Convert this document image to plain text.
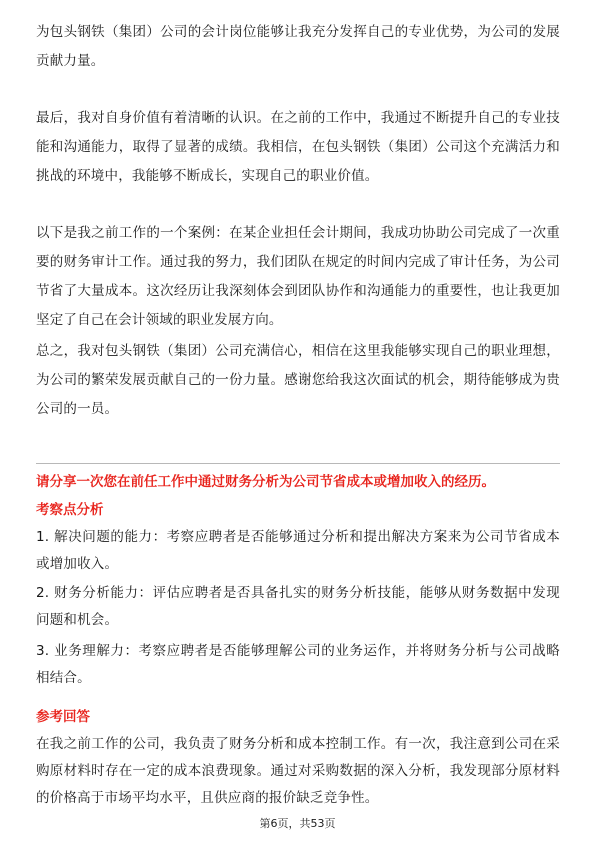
为包头钢铁（集团）公司的会计岗位能够让我充分发挥自己的专业优势，为公司的发展贡献力量。

最后，我对自身价值有着清晰的认识。在之前的工作中，我通过不断提升自己的专业技能和沟通能力，取得了显著的成绩。我相信，在包头钢铁（集团）公司这个充满活力和挑战的环境中，我能够不断成长，实现自己的职业价值。

以下是我之前工作的一个案例：在某企业担任会计期间，我成功协助公司完成了一次重要的财务审计工作。通过我的努力，我们团队在规定的时间内完成了审计任务，为公司节省了大量成本。这次经历让我深刻体会到团队协作和沟通能力的重要性，也让我更加坚定了自己在会计领域的职业发展方向。

总之，我对包头钢铁（集团）公司充满信心，相信在这里我能够实现自己的职业理想，为公司的繁荣发展贡献自己的一份力量。感谢您给我这次面试的机会，期待能够成为贵公司的一员。

请分享一次您在前任工作中通过财务分析为公司节省成本或增加收入的经历。

考察点分析

1. 解决问题的能力：考察应聘者是否能够通过分析和提出解决方案来为公司节省成本或增加收入。

2. 财务分析能力：评估应聘者是否具备扎实的财务分析技能，能够从财务数据中发现问题和机会。

3. 业务理解力：考察应聘者是否能够理解公司的业务运作，并将财务分析与公司战略相结合。

参考回答

在我之前工作的公司，我负责了财务分析和成本控制工作。有一次，我注意到公司在采购原材料时存在一定的成本浪费现象。通过对采购数据的深入分析，我发现部分原材料的价格高于市场平均水平，且供应商的报价缺乏竞争性。

第6页，共53页
